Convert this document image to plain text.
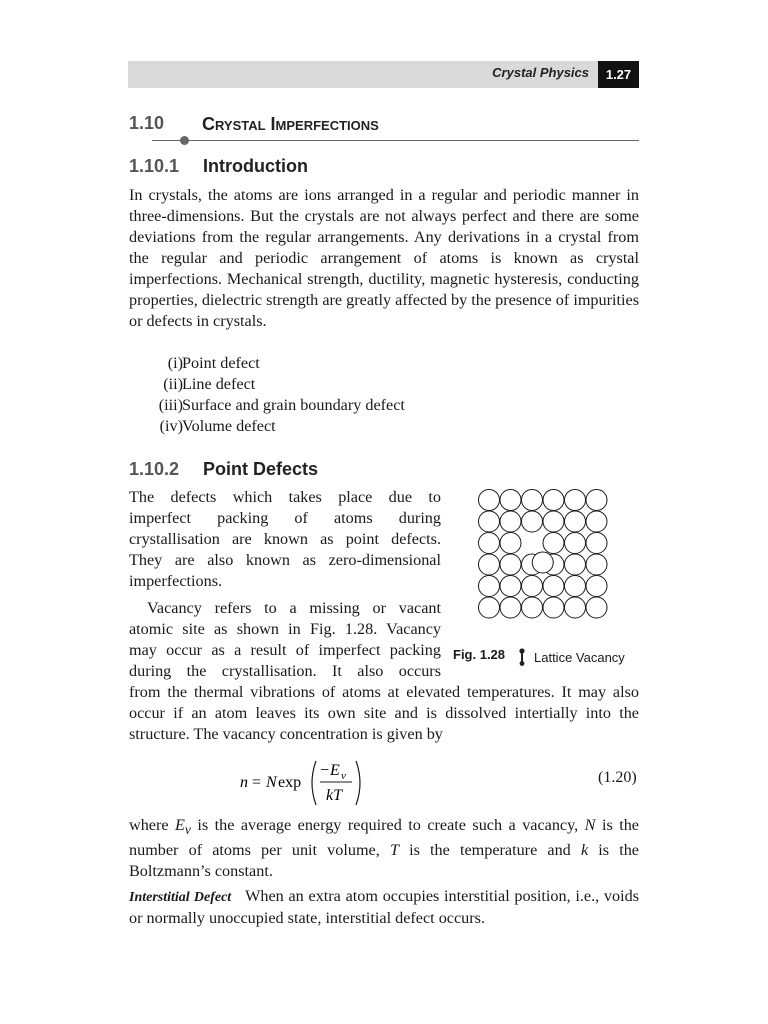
Crystal Physics	1.27
1.10 Crystal Imperfections
1.10.1 Introduction

In crystals, the atoms are ions arranged in a regular and periodic manner in three-dimensions. But the crystals are not always perfect and there are some deviations from the regular arrangements. Any derivations in a crystal from the regular and periodic arrangement of atoms is known as crystal imperfections. Mechanical strength, ductility, magnetic hysteresis, conducting properties, dielectric strength are greatly affected by the presence of impurities or defects in crystals.

(i) Point defect
(ii) Line defect
(iii) Surface and grain boundary defect
(iv) Volume defect
1.10.2 Point Defects
The defects which takes place due to
imperfect packing of atoms during
crystallisation are known as point defects.
They are also known as zero-dimensional
imperfections.
Vacancy refers to a missing or vacant
atomic site as shown in Fig. 1.28. Vacancy
may occur as a result of imperfect packing
during the crystallisation. It also occurs

from the thermal vibrations of atoms at elevated temperatures. It may also occur if an atom leaves its own site and is dissolved intertially into the structure. The vacancy concentration is given by

Fig. 1.28 Lattice Vacancy
n = N exp
− E v
kT
(1.20)

where $E_v$ is the average energy required to create such a vacancy, N is the number of atoms per unit volume, T is the temperature and k is the Boltzmann’s constant.

Interstitial Defect When an extra atom occupies interstitial position, i.e., voids or normally unoccupied state, interstitial defect occurs.
